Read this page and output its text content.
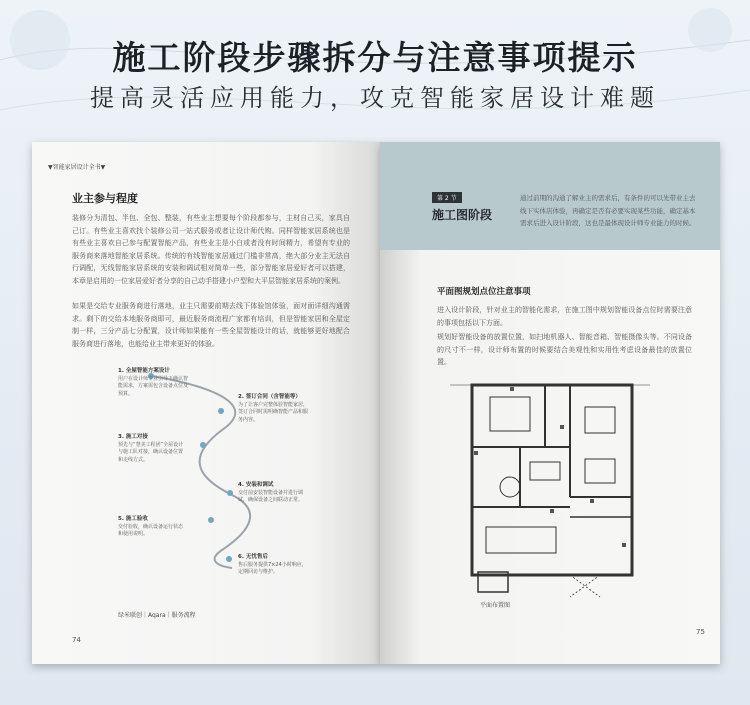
施工阶段步骤拆分与注意事项提示
提高灵活应用能力，攻克智能家居设计难题
▼智能家居设计全书▼
业主参与程度
装修分为清包、半包、全包、整装，有些业主想要每个阶段都参与，主材自己买，家具自己订。有些业主喜欢找个装修公司一站式服务或者让设计师代购。同样智能家居系统也是有些业主喜欢自己参与配置智能产品，有些业主是小白或者没有时间精力，希望有专业的服务商来落地智能家居系统。传统的有线智能家居通过门槛非常高，绝大部分业主无法自行调配，无线智能家居系统的安装和调试相对简单一些，部分智能家居爱好者可以搭建，本章是启用的一位家居爱好者分享的自己动手搭建小户型和大平层智能家居系统的案例。
如果是交给专业服务商进行落地，业主只需要前期去线下体验馆体验，面对面详细沟通需求。剩下的交给本地服务商即可，最近服务商流程广家都有培训，但是智能家居和全屋定制一样，三分产品七分配置，设计师如果能有一些全屋智能设计的话，就能够更好地配合服务商进行落地，也能给业主带来更好的体验。
1. 全屋智能方案设计
用户在设计师专业引导下确认智能需求，方案需包含设备点位及预算。
2. 签订合同（含智能等）
为了让客户完整体验智能家居，签订合同时需明确智能产品和服务内容。
3. 施工对接
预先与“慧美工程团”全屋设计与施工队对接，确认设备位置和走线方式。
4. 安装和调试
交付前安装智能设备并进行调试，确保设备之间联动正常。
5. 施工验收
交付验收，确认设备运行状态和使用说明。
6. 无忧售后
售后服务提供7×24小时响应，定期回访与维护。
绿米联创｜Aqara｜服务流程
74
第 2 节
施工图阶段
通过前期的沟通了解业主的需求后，有条件的可以先带业主去线下实体店体验，再确定是否有必要实现某些功能，确定基本需求后进入设计阶段，这也是最体现设计师专业能力的时候。
平面图规划点位注意事项
进入设计阶段，针对业主的智能化需求，在施工图中规划智能设备点位时需要注意的事项包括以下方面。
规划好智能设备的放置位置，如扫地机器人、智能音箱、智能摄像头等。不同设备的尺寸不一样，设计师布置的时候要结合美观性和实用性考虑设备最佳的放置位置。
平面布置图
75
